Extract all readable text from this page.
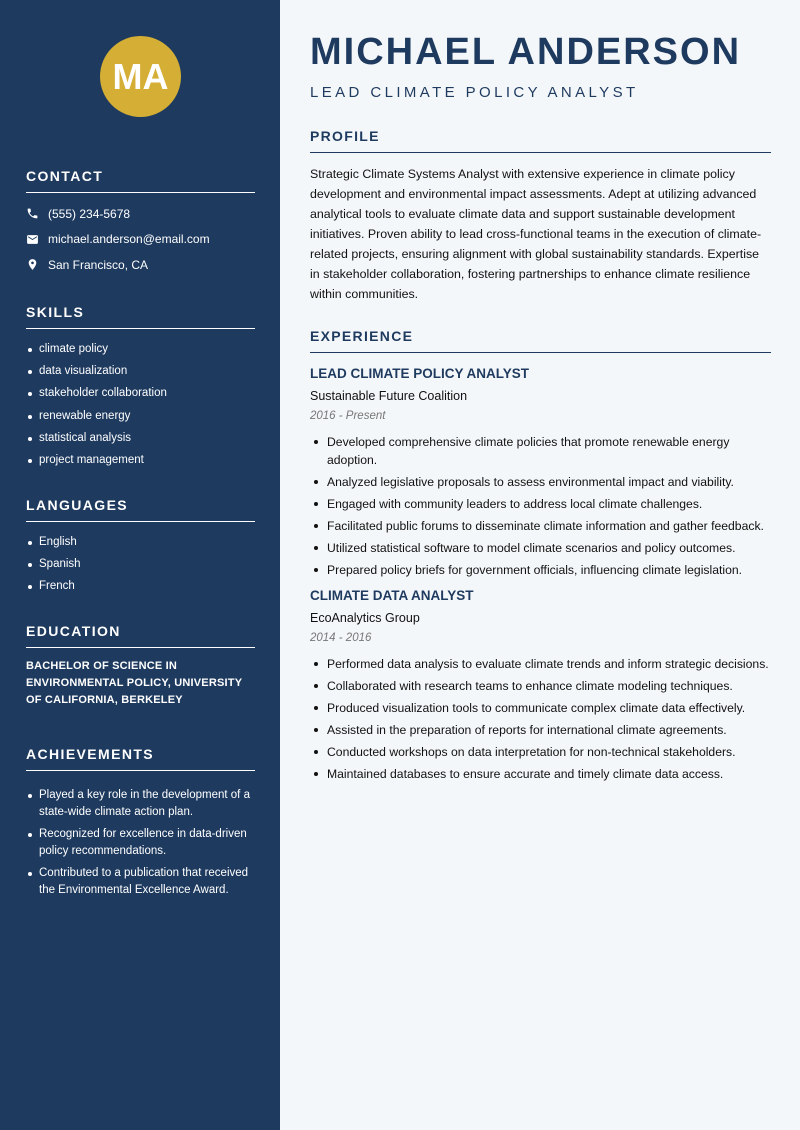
MA
CONTACT
(555) 234-5678
michael.anderson@email.com
San Francisco, CA
SKILLS
climate policy
data visualization
stakeholder collaboration
renewable energy
statistical analysis
project management
LANGUAGES
English
Spanish
French
EDUCATION
BACHELOR OF SCIENCE IN ENVIRONMENTAL POLICY, UNIVERSITY OF CALIFORNIA, BERKELEY
ACHIEVEMENTS
Played a key role in the development of a state-wide climate action plan.
Recognized for excellence in data-driven policy recommendations.
Contributed to a publication that received the Environmental Excellence Award.
MICHAEL ANDERSON
LEAD CLIMATE POLICY ANALYST
PROFILE

Strategic Climate Systems Analyst with extensive experience in climate policy development and environmental impact assessments. Adept at utilizing advanced analytical tools to evaluate climate data and support sustainable development initiatives. Proven ability to lead cross-functional teams in the execution of climate-related projects, ensuring alignment with global sustainability standards. Expertise in stakeholder collaboration, fostering partnerships to enhance climate resilience within communities.

EXPERIENCE
LEAD CLIMATE POLICY ANALYST
Sustainable Future Coalition
2016 - Present
Developed comprehensive climate policies that promote renewable energy adoption.
Analyzed legislative proposals to assess environmental impact and viability.
Engaged with community leaders to address local climate challenges.
Facilitated public forums to disseminate climate information and gather feedback.
Utilized statistical software to model climate scenarios and policy outcomes.
Prepared policy briefs for government officials, influencing climate legislation.
CLIMATE DATA ANALYST
EcoAnalytics Group
2014 - 2016
Performed data analysis to evaluate climate trends and inform strategic decisions.
Collaborated with research teams to enhance climate modeling techniques.
Produced visualization tools to communicate complex climate data effectively.
Assisted in the preparation of reports for international climate agreements.
Conducted workshops on data interpretation for non-technical stakeholders.
Maintained databases to ensure accurate and timely climate data access.
